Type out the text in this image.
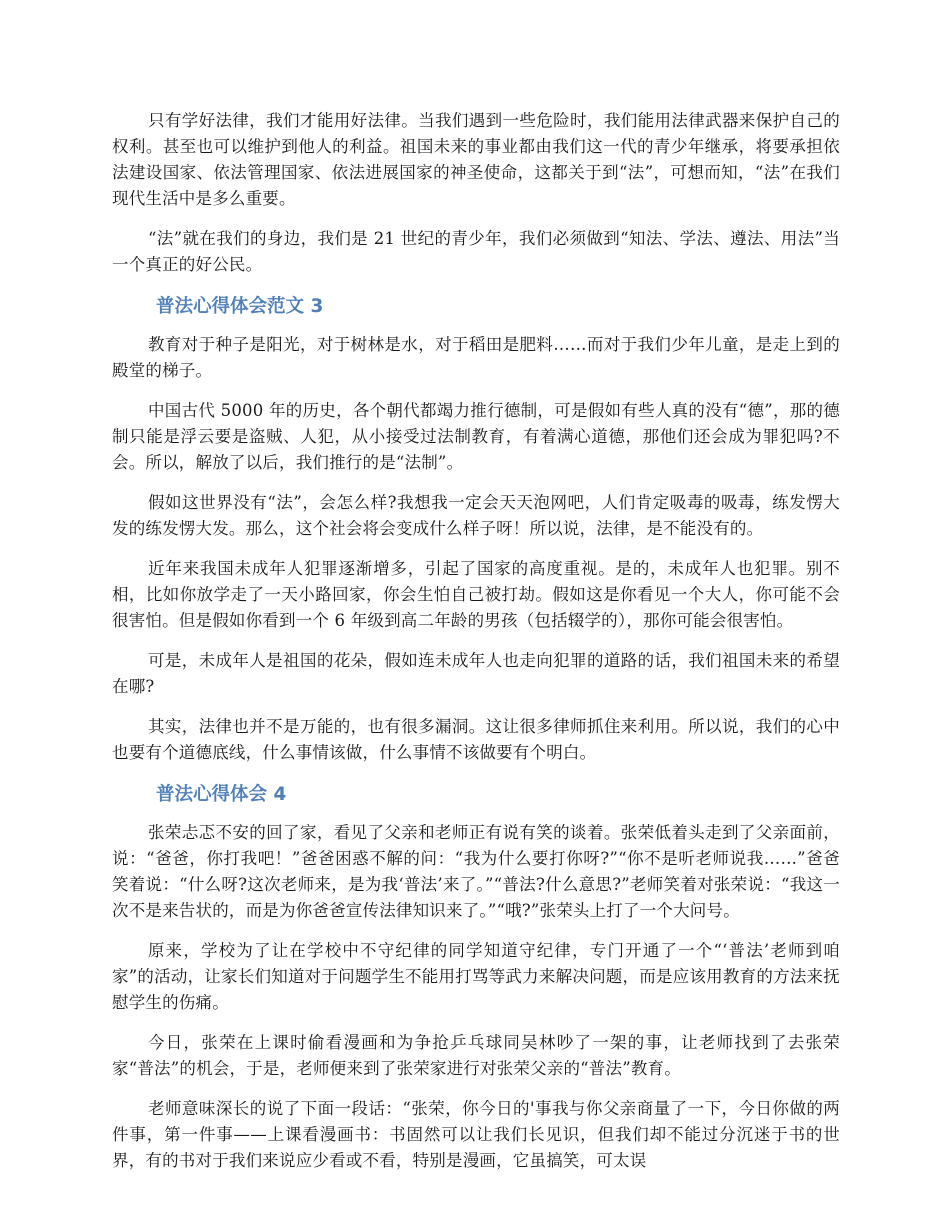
只有学好法律，我们才能用好法律。当我们遇到一些危险时，我们能用法律武器来保护自己的权利。甚至也可以维护到他人的利益。祖国未来的事业都由我们这一代的青少年继承，将要承担依法建设国家、依法管理国家、依法进展国家的神圣使命，这都关于到“法”，可想而知，“法”在我们现代生活中是多么重要。

“法”就在我们的身边，我们是 21 世纪的青少年，我们必须做到“知法、学法、遵法、用法”当一个真正的好公民。

普法心得体会范文 3

教育对于种子是阳光，对于树林是水，对于稻田是肥料……而对于我们少年儿童，是走上到的殿堂的梯子。

中国古代 5000 年的历史，各个朝代都竭力推行德制，可是假如有些人真的没有“德”，那的德制只能是浮云要是盗贼、人犯，从小接受过法制教育，有着满心道德，那他们还会成为罪犯吗?不会。所以，解放了以后，我们推行的是“法制”。

假如这世界没有“法”，会怎么样?我想我一定会天天泡网吧，人们肯定吸毒的吸毒，练发愣大发的练发愣大发。那么，这个社会将会变成什么样子呀！所以说，法律，是不能没有的。

近年来我国未成年人犯罪逐渐增多，引起了国家的高度重视。是的，未成年人也犯罪。别不相，比如你放学走了一天小路回家，你会生怕自己被打劫。假如这是你看见一个大人，你可能不会很害怕。但是假如你看到一个 6 年级到高二年龄的男孩（包括辍学的），那你可能会很害怕。

可是，未成年人是祖国的花朵，假如连未成年人也走向犯罪的道路的话，我们祖国未来的希望在哪?

其实，法律也并不是万能的，也有很多漏洞。这让很多律师抓住来利用。所以说，我们的心中也要有个道德底线，什么事情该做，什么事情不该做要有个明白。

普法心得体会 4

张荣忐忑不安的回了家，看见了父亲和老师正有说有笑的谈着。张荣低着头走到了父亲面前，说：“爸爸，你打我吧！”爸爸困惑不解的问：“我为什么要打你呀?”“你不是听老师说我……”爸爸笑着说：“什么呀?这次老师来，是为我‘普法’来了。”“普法?什么意思?”老师笑着对张荣说：“我这一次不是来告状的，而是为你爸爸宣传法律知识来了。”“哦?”张荣头上打了一个大问号。

原来，学校为了让在学校中不守纪律的同学知道守纪律，专门开通了一个“‘普法’老师到咱家”的活动，让家长们知道对于问题学生不能用打骂等武力来解决问题，而是应该用教育的方法来抚慰学生的伤痛。

今日，张荣在上课时偷看漫画和为争抢乒乓球同吴林吵了一架的事，让老师找到了去张荣家“普法”的机会，于是，老师便来到了张荣家进行对张荣父亲的“普法”教育。

老师意味深长的说了下面一段话：“张荣，你今日的'事我与你父亲商量了一下，今日你做的两件事，第一件事——上课看漫画书：书固然可以让我们长见识，但我们却不能过分沉迷于书的世界，有的书对于我们来说应少看或不看，特别是漫画，它虽搞笑，可太误
